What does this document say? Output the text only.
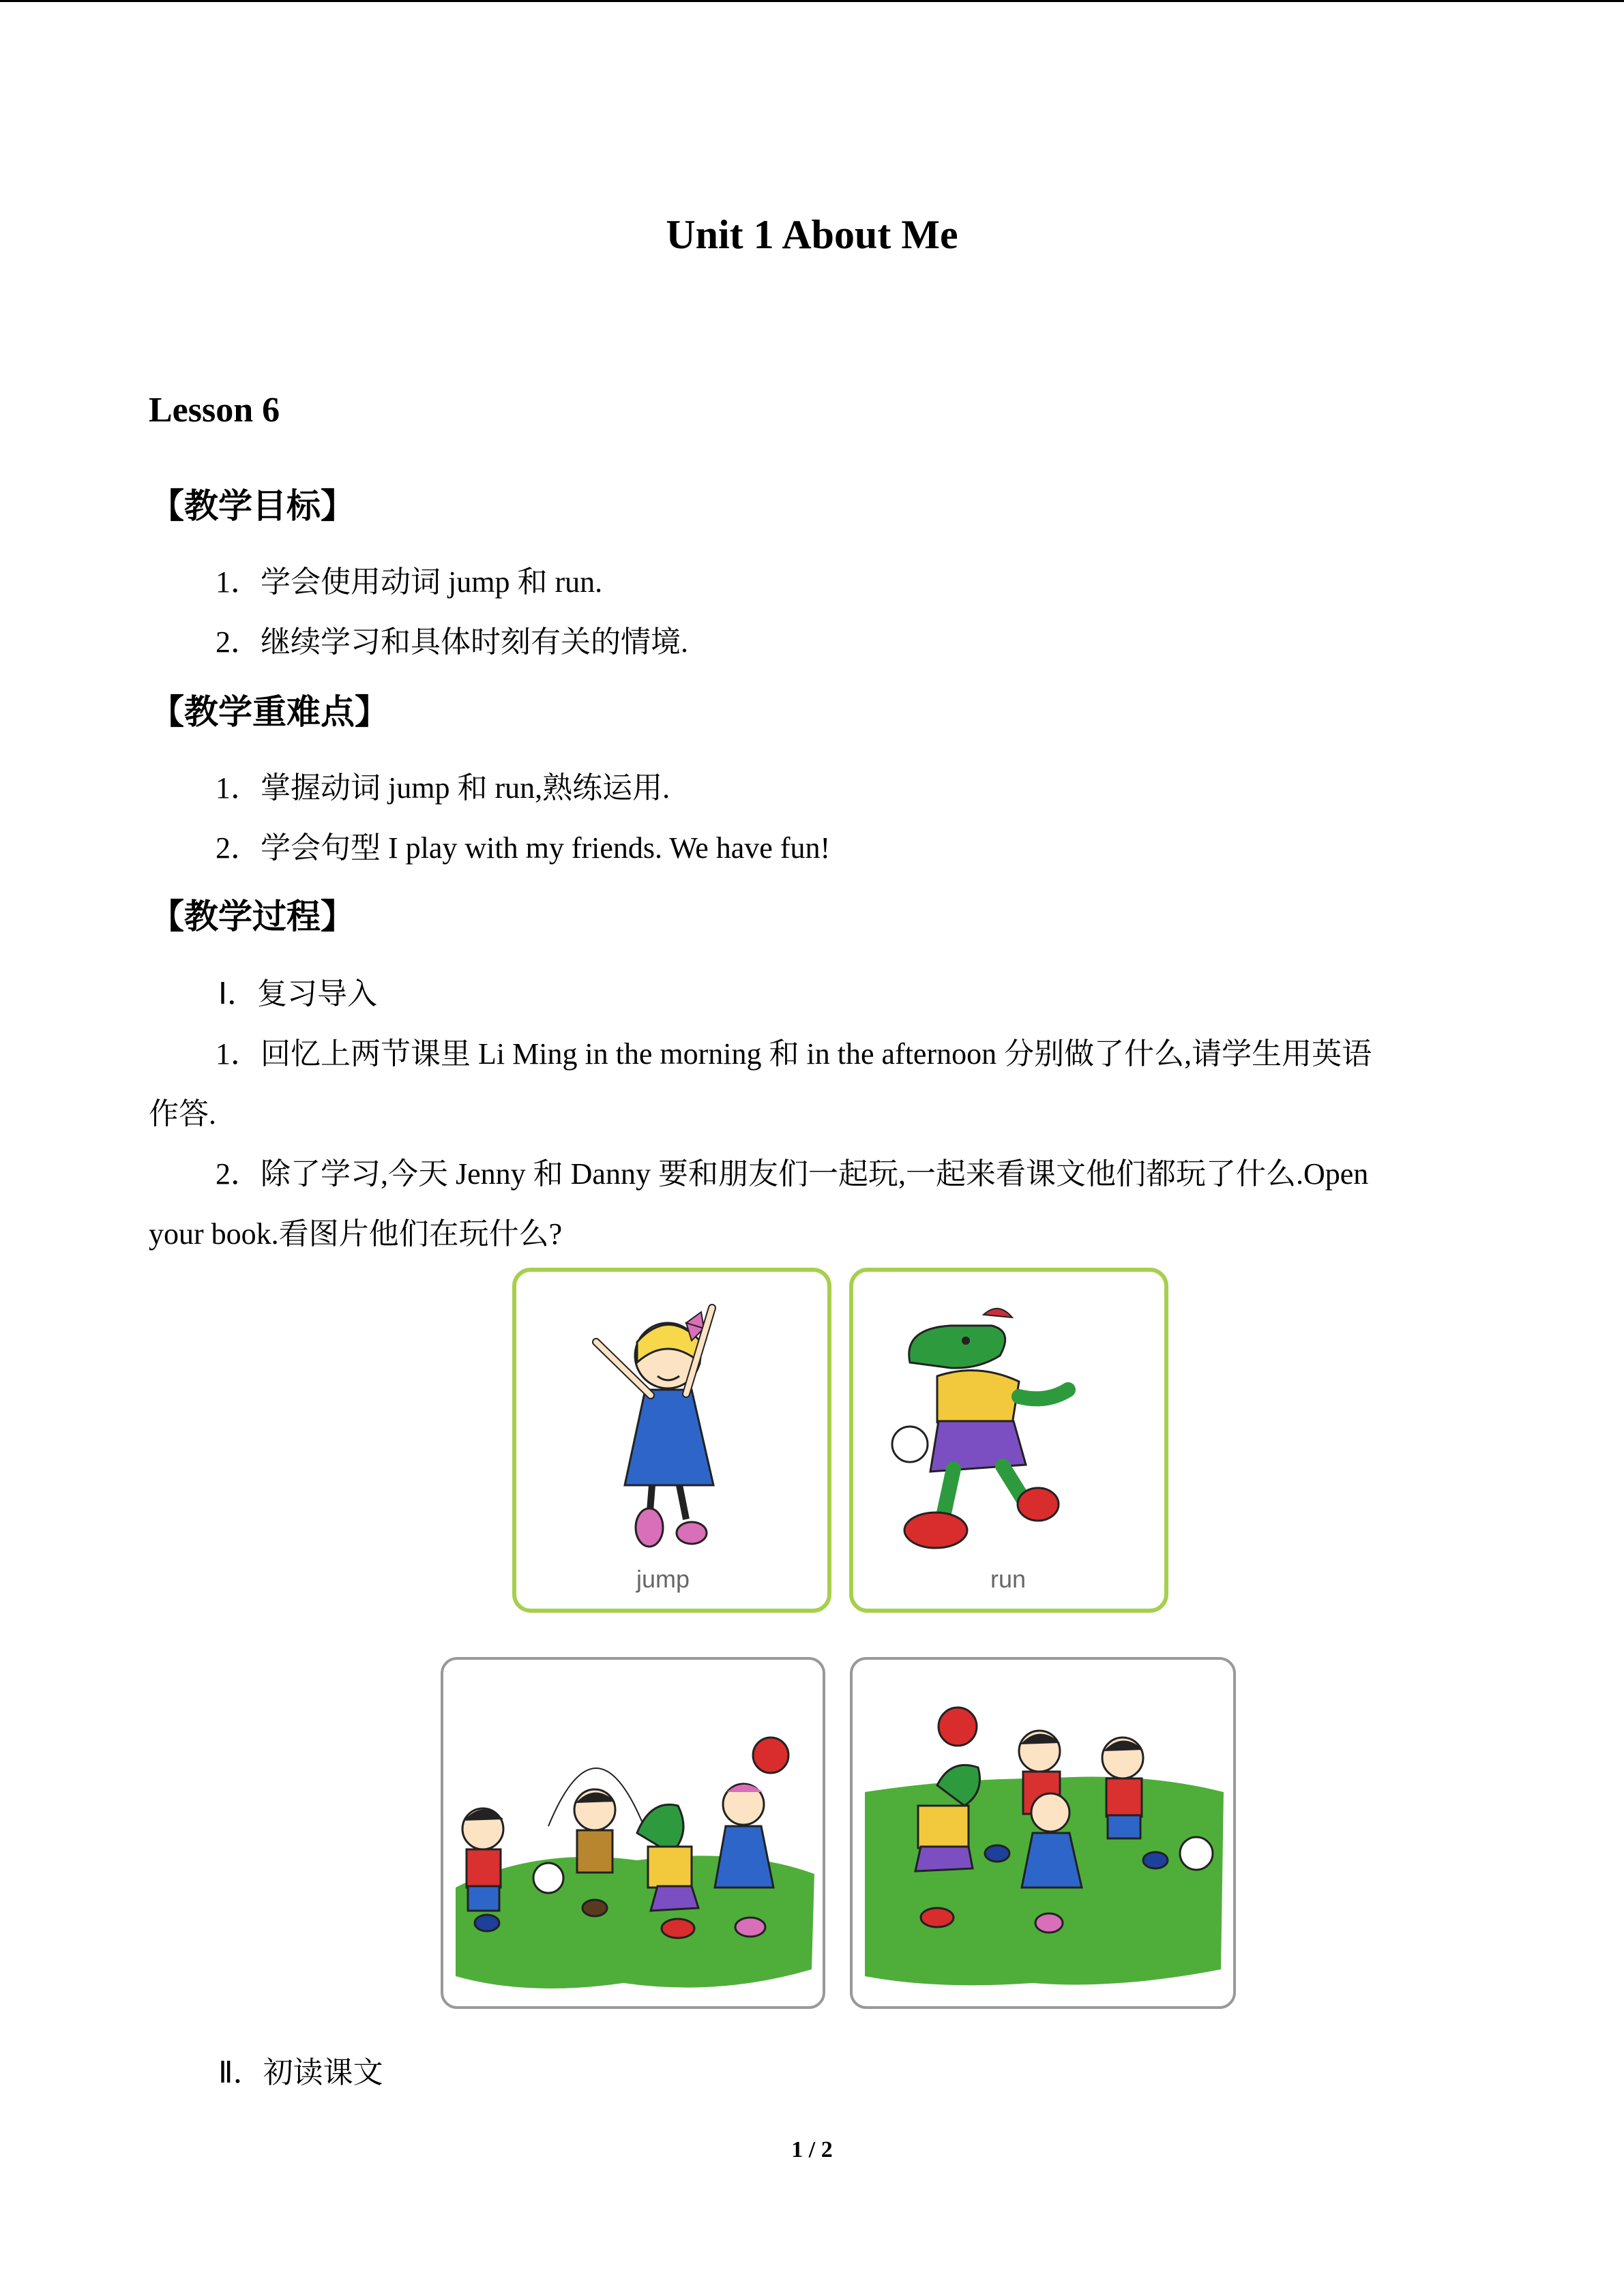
Unit 1 About Me
Lesson 6
【教学目标】
1．学会使用动词 jump 和 run.
2．继续学习和具体时刻有关的情境.
【教学重难点】
1．掌握动词 jump 和 run,熟练运用.
2．学会句型 I play with my friends. We have fun!
【教学过程】
Ⅰ．复习导入
1．回忆上两节课里 Li Ming in the morning 和 in the afternoon 分别做了什么,请学生用英语
作答.
2．除了学习,今天 Jenny 和 Danny 要和朋友们一起玩,一起来看课文他们都玩了什么.Open
your book.看图片他们在玩什么?
jump	run
Ⅱ．初读课文
1 / 2
